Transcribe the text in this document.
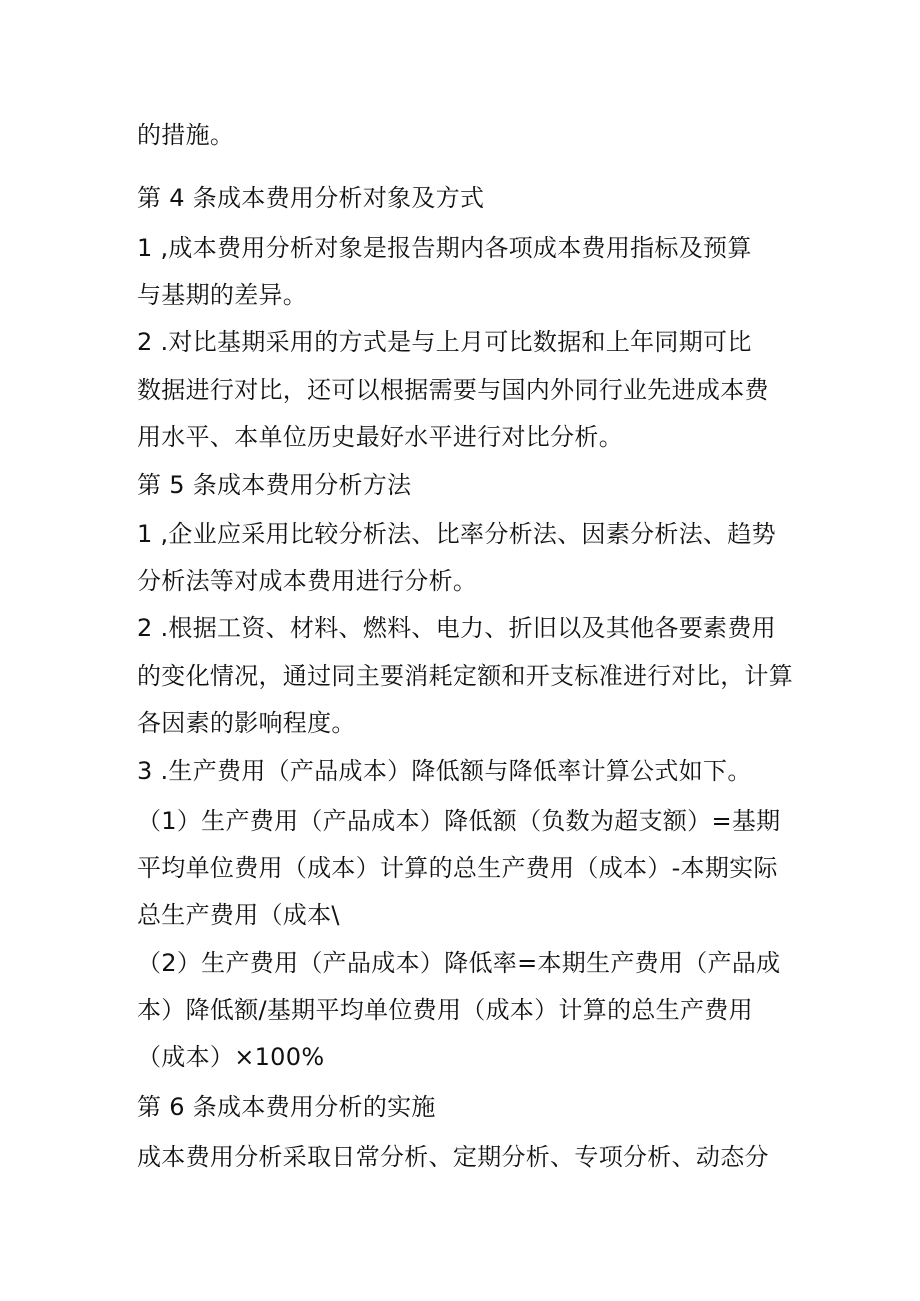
的措施。
第 4 条成本费用分析对象及方式
1 ,成本费用分析对象是报告期内各项成本费用指标及预算
与基期的差异。
2 .对比基期采用的方式是与上月可比数据和上年同期可比
数据进行对比，还可以根据需要与国内外同行业先进成本费
用水平、本单位历史最好水平进行对比分析。
第 5 条成本费用分析方法
1 ,企业应采用比较分析法、比率分析法、因素分析法、趋势
分析法等对成本费用进行分析。
2 .根据工资、材料、燃料、电力、折旧以及其他各要素费用
的变化情况，通过同主要消耗定额和开支标准进行对比，计算
各因素的影响程度。
3 .生产费用（产品成本）降低额与降低率计算公式如下。
（1）生产费用（产品成本）降低额（负数为超支额）=基期
平均单位费用（成本）计算的总生产费用（成本）-本期实际
总生产费用（成本\
（2）生产费用（产品成本）降低率=本期生产费用（产品成
本）降低额/基期平均单位费用（成本）计算的总生产费用
（成本）×100%
第 6 条成本费用分析的实施
成本费用分析采取日常分析、定期分析、专项分析、动态分
